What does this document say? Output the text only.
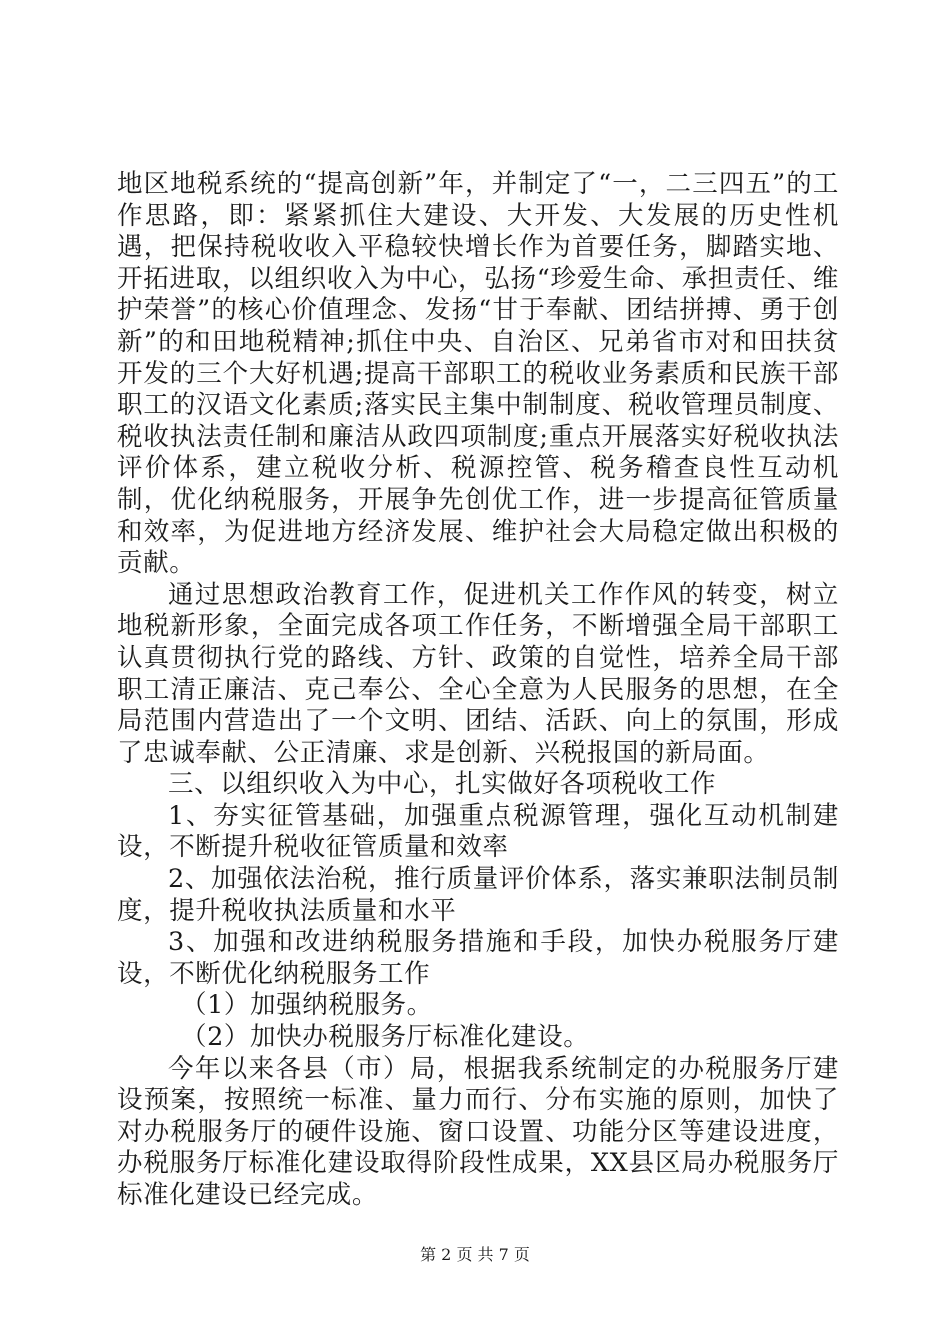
地区地税系统的“提高创新”年，并制定了“一，二三四五”的工作思路，即：紧紧抓住大建设、大开发、大发展的历史性机遇，把保持税收收入平稳较快增长作为首要任务，脚踏实地、开拓进取，以组织收入为中心，弘扬“珍爱生命、承担责任、维护荣誉”的核心价值理念、发扬“甘于奉献、团结拼搏、勇于创新”的和田地税精神;抓住中央、自治区、兄弟省市对和田扶贫开发的三个大好机遇;提高干部职工的税收业务素质和民族干部职工的汉语文化素质;落实民主集中制制度、税收管理员制度、税收执法责任制和廉洁从政四项制度;重点开展落实好税收执法评价体系，建立税收分析、税源控管、税务稽查良性互动机制，优化纳税服务，开展争先创优工作，进一步提高征管质量和效率，为促进地方经济发展、维护社会大局稳定做出积极的贡献。

通过思想政治教育工作，促进机关工作作风的转变，树立地税新形象，全面完成各项工作任务，不断增强全局干部职工认真贯彻执行党的路线、方针、政策的自觉性，培养全局干部职工清正廉洁、克己奉公、全心全意为人民服务的思想，在全局范围内营造出了一个文明、团结、活跃、向上的氛围，形成了忠诚奉献、公正清廉、求是创新、兴税报国的新局面。

三、以组织收入为中心，扎实做好各项税收工作

1、夯实征管基础，加强重点税源管理，强化互动机制建设，不断提升税收征管质量和效率

2、加强依法治税，推行质量评价体系，落实兼职法制员制度，提升税收执法质量和水平

3、加强和改进纳税服务措施和手段，加快办税服务厅建设，不断优化纳税服务工作

（1）加强纳税服务。

（2）加快办税服务厅标准化建设。

今年以来各县（市）局，根据我系统制定的办税服务厅建设预案，按照统一标准、量力而行、分布实施的原则，加快了对办税服务厅的硬件设施、窗口设置、功能分区等建设进度，办税服务厅标准化建设取得阶段性成果，XX县区局办税服务厅标准化建设已经完成。

第 2 页 共 7 页
